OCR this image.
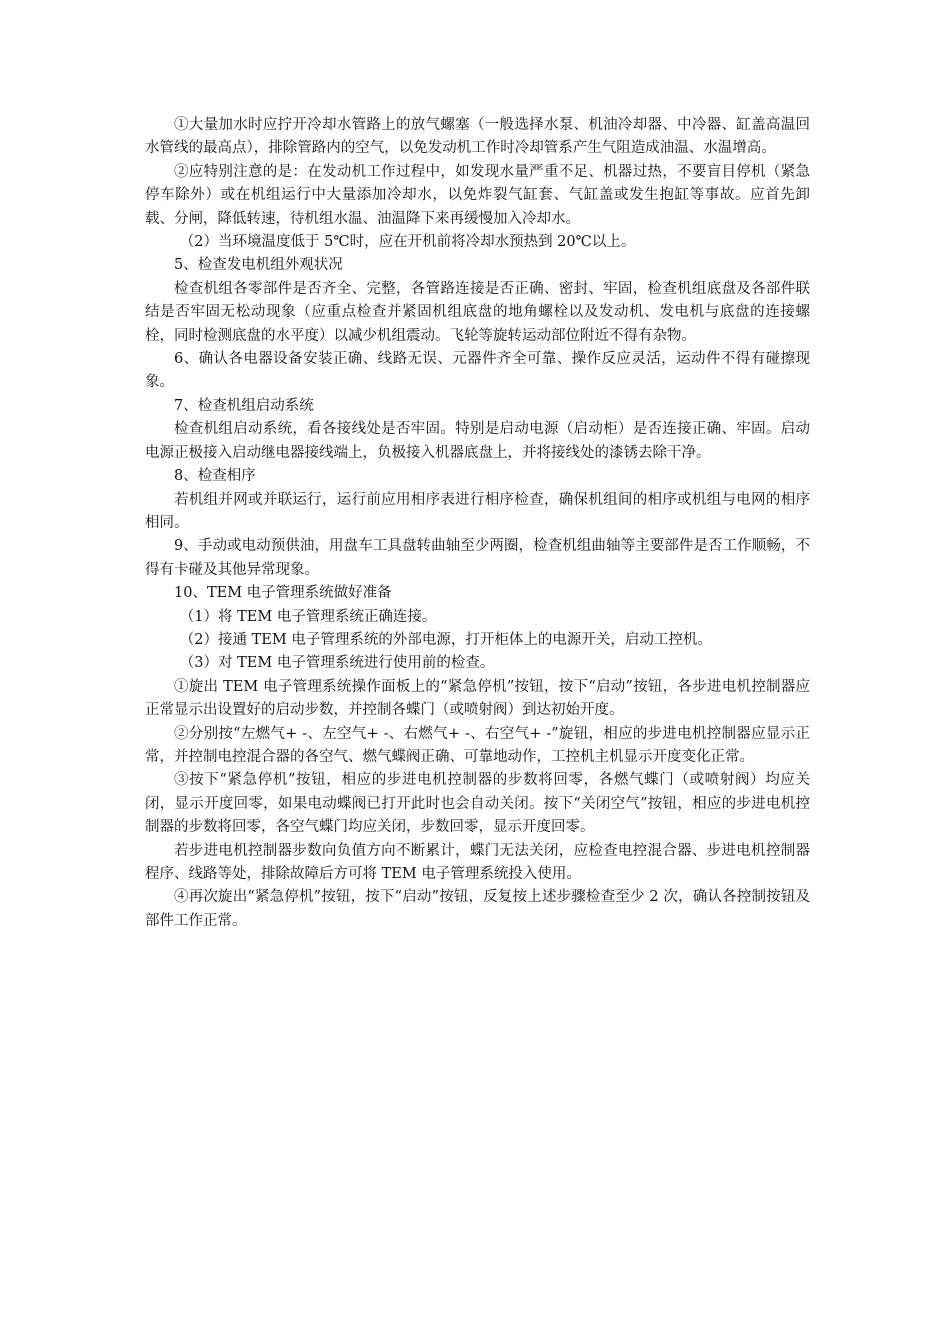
①大量加水时应拧开冷却水管路上的放气螺塞（一般选择水泵、机油冷却器、中冷器、缸盖高温回水管线的最高点），排除管路内的空气，以免发动机工作时冷却管系产生气阻造成油温、水温增高。

②应特别注意的是：在发动机工作过程中，如发现水量严重不足、机器过热，不要盲目停机（紧急停车除外）或在机组运行中大量添加冷却水，以免炸裂气缸套、气缸盖或发生抱缸等事故。应首先卸载、分闸，降低转速，待机组水温、油温降下来再缓慢加入冷却水。

（2）当环境温度低于 5℃时，应在开机前将冷却水预热到 20℃以上。

5、检查发电机组外观状况

检查机组各零部件是否齐全、完整，各管路连接是否正确、密封、牢固，检查机组底盘及各部件联结是否牢固无松动现象（应重点检查并紧固机组底盘的地角螺栓以及发动机、发电机与底盘的连接螺栓，同时检测底盘的水平度）以减少机组震动。飞轮等旋转运动部位附近不得有杂物。

6、确认各电器设备安装正确、线路无误、元器件齐全可靠、操作反应灵活，运动件不得有碰擦现象。

7、检查机组启动系统

检查机组启动系统，看各接线处是否牢固。特别是启动电源（启动柜）是否连接正确、牢固。启动电源正极接入启动继电器接线端上，负极接入机器底盘上，并将接线处的漆锈去除干净。

8、检查相序

若机组并网或并联运行，运行前应用相序表进行相序检查，确保机组间的相序或机组与电网的相序相同。

9、手动或电动预供油，用盘车工具盘转曲轴至少两圈，检查机组曲轴等主要部件是否工作顺畅，不得有卡碰及其他异常现象。

10、TEM 电子管理系统做好准备

（1）将 TEM 电子管理系统正确连接。

（2）接通 TEM 电子管理系统的外部电源，打开柜体上的电源开关，启动工控机。

（3）对 TEM 电子管理系统进行使用前的检查。

①旋出 TEM 电子管理系统操作面板上的“紧急停机”按钮，按下“启动”按钮，各步进电机控制器应正常显示出设置好的启动步数，并控制各蝶门（或喷射阀）到达初始开度。

②分别按“左燃气+ -、左空气+ -、右燃气+ -、右空气+ -”旋钮，相应的步进电机控制器应显示正常，并控制电控混合器的各空气、燃气蝶阀正确、可靠地动作，工控机主机显示开度变化正常。

③按下“紧急停机”按钮，相应的步进电机控制器的步数将回零，各燃气蝶门（或喷射阀）均应关闭，显示开度回零，如果电动蝶阀已打开此时也会自动关闭。按下“关闭空气”按钮，相应的步进电机控制器的步数将回零，各空气蝶门均应关闭，步数回零，显示开度回零。

若步进电机控制器步数向负值方向不断累计，蝶门无法关闭，应检查电控混合器、步进电机控制器程序、线路等处，排除故障后方可将 TEM 电子管理系统投入使用。

④再次旋出“紧急停机”按钮，按下“启动”按钮，反复按上述步骤检查至少 2 次，确认各控制按钮及部件工作正常。
